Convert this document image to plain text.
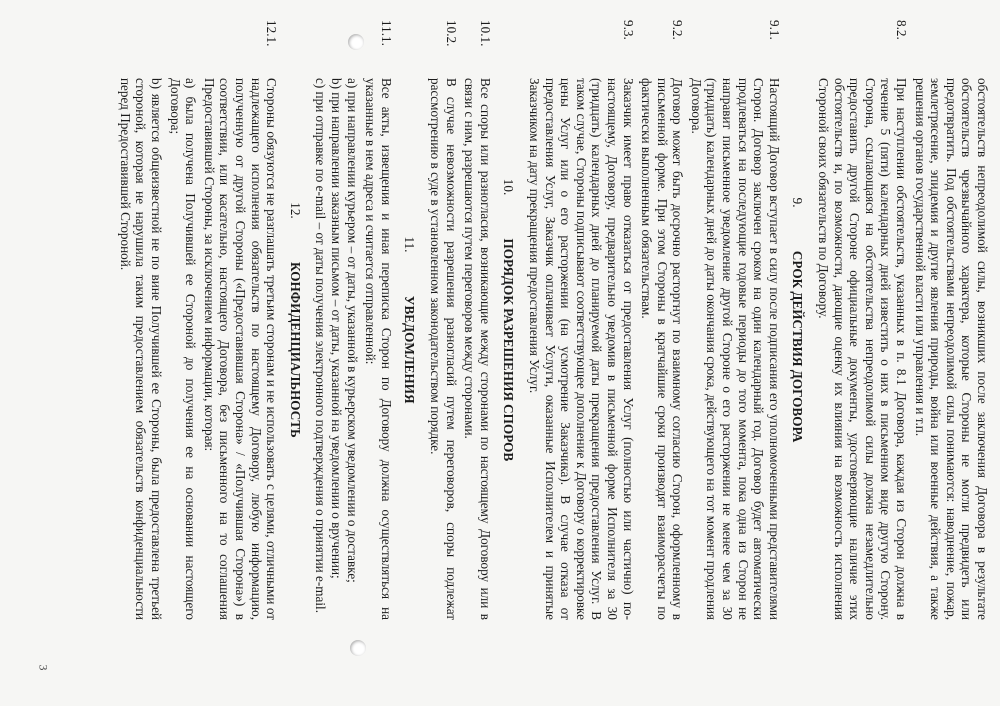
3

обстоятельств непреодолимой силы, возникших после заключения Договора в результате обстоятельств чрезвычайного характера, которые Стороны не могли предвидеть или предотвратить. Под обстоятельствами непреодолимой силы понимаются: наводнение, пожар, землетрясение, эпидемия и другие явления природы, война или военные действия, а также решения органов государственной власти или управления и т.п.

8.2.
При наступлении обстоятельств, указанных в п. 8.1 Договора, каждая из Сторон должна в течение 5 (пяти) календарных дней известить о них в письменном виде другую Сторону. Сторона, ссылающаяся на обстоятельства непреодолимой силы должна незамедлительно предоставить другой Стороне официальные документы, удостоверяющие наличие этих обстоятельств и, по возможности, дающие оценку их влияния на возможность исполнения Стороной своих обязательств по Договору.
9. СРОК ДЕЙСТВИЯ ДОГОВОРА
9.1.
Настоящий Договор вступает в силу после подписания его уполномоченными представителями Сторон. Договор заключен сроком на один календарный год. Договор будет автоматически продлеваться на последующие годовые периоды до того момента, пока одна из Сторон не направит письменное уведомление другой Стороне о его расторжении не менее чем за 30 (тридцать) календарных дней до даты окончания срока, действующего на тот момент продления Договора.
9.2.
Договор может быть досрочно расторгнут по взаимному согласию Сторон, оформленному в письменной форме. При этом Стороны в кратчайшие сроки производят взаиморасчеты по фактически выполненным обязательствам.
9.3.
Заказчик имеет право отказаться от предоставления Услуг (полностью или частично) по-настоящему, Договору, предварительно уведомив в письменной форме Исполнителя за 30 (тридцать) календарных дней до планируемой даты прекращения предоставления Услуг. В таком случае, Стороны подписывают соответствующее дополнение к Договору о корректировке цены Услуг или о его расторжении (на усмотрение Заказчика). В случае отказа от предоставления Услуг, Заказчик оплачивает Услуги, оказанные Исполнителем и принятые Заказчиком на дату прекращения предоставления Услуг.
10. ПОРЯДОК РАЗРЕШЕНИЯ СПОРОВ
10.1.
Все споры или разногласия, возникающие между сторонами по настоящему Договору или в связи с ним, разрешаются путем переговоров между сторонами.
10.2.
В случае невозможности разрешения разногласий путем переговоров, споры подлежат рассмотрению в суде в установленном законодательством порядке.
11. УВЕДОМЛЕНИЯ
11.1.
Все акты, извещения и иная переписка Сторон по Договору должна осуществляться на указанные в нем адреса и считается отправленной:

а) при направлении курьером – от даты, указанной в курьерском уведомлении о доставке;

b) при направлении заказным письмом – от даты, указанной на уведомлении о вручении;

c) при отправке по e-mail – от даты получения электронного подтверждения о принятии e-mail.

12. КОНФИДЕНЦИАЛЬНОСТЬ
12.1.
Стороны обязуются не разглашать третьим сторонам и не использовать с целями, отличными от надлежащего исполнения обязательств по настоящему Договору, любую информацию, полученную от другой Стороны («Предоставившая Сторона» / «Получившая Сторона») в соответствии, или касательно, настоящего Договора, без письменного на то соглашения Предоставившей Стороны, за исключением информации, которая:

a) была получена Получившей ее Стороной до получения ее на основании настоящего Договора;

b) является общеизвестной не по вине Получившей ее Стороны, была предоставлена третьей стороной, которая не нарушила таким предоставлением обязательств конфиденциальности перед Предоставившей Стороной.
